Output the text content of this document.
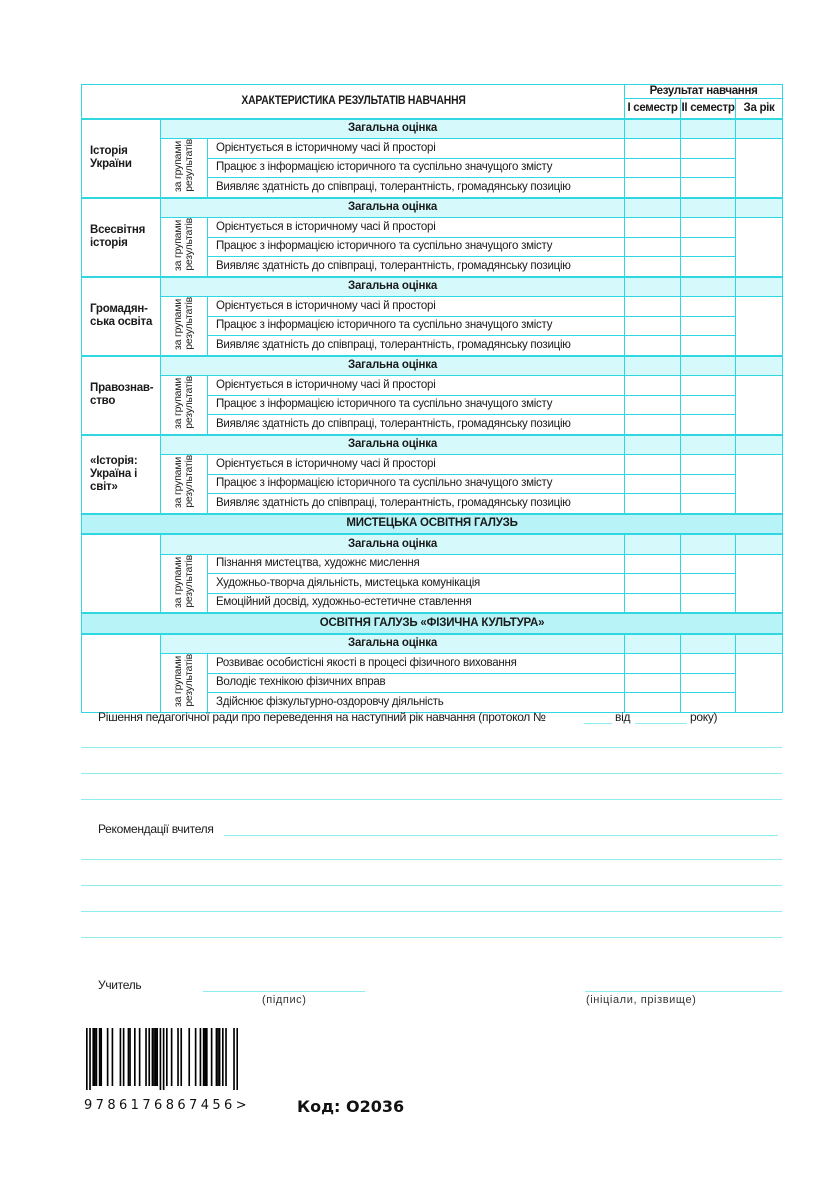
ХАРАКТЕРИСТИКА РЕЗУЛЬТАТІВ НАВЧАННЯ			Результат навчання		
			І семестр	ІІ семестр	За рік
Історія України	Загальна оцінка				
	за групамирезультатів	Орієнтується в історичному часі й просторі			
		Працює з інформацією історичного та суспільно значущого змісту			
		Виявляє здатність до співпраці, толерантність, громадянську позицію			
Всесвітня історія	Загальна оцінка				
	за групамирезультатів	Орієнтується в історичному часі й просторі			
		Працює з інформацією історичного та суспільно значущого змісту			
		Виявляє здатність до співпраці, толерантність, громадянську позицію			
Громадян-ська освіта	Загальна оцінка				
	за групамирезультатів	Орієнтується в історичному часі й просторі			
		Працює з інформацією історичного та суспільно значущого змісту			
		Виявляє здатність до співпраці, толерантність, громадянську позицію			
Правознав-ство	Загальна оцінка				
	за групамирезультатів	Орієнтується в історичному часі й просторі			
		Працює з інформацією історичного та суспільно значущого змісту			
		Виявляє здатність до співпраці, толерантність, громадянську позицію			
«Історія: Україна і світ»	Загальна оцінка				
	за групамирезультатів	Орієнтується в історичному часі й просторі			
		Працює з інформацією історичного та суспільно значущого змісту			
		Виявляє здатність до співпраці, толерантність, громадянську позицію			
МИСТЕЦЬКА ОСВІТНЯ ГАЛУЗЬ					
	Загальна оцінка				
	за групамирезультатів	Пізнання мистецтва, художнє мислення			
		Художньо-творча діяльність, мистецька комунікація			
		Емоційний досвід, художньо-естетичне ставлення			
ОСВІТНЯ ГАЛУЗЬ «ФІЗИЧНА КУЛЬТУРА»					
	Загальна оцінка				
	за групамирезультатів	Розвиває особистісні якості в процесі фізичного виховання			
		Володіє технікою фізичних вправ			
		Здійснює фізкультурно-оздоровчу діяльність			
Рішення педагогічної ради про переведення на наступний рік навчання (протокол №	від	року)
Рекомендації вчителя
Учитель
(підпис)	(ініціали, прізвище)
9786176867456>	Код: О2036
